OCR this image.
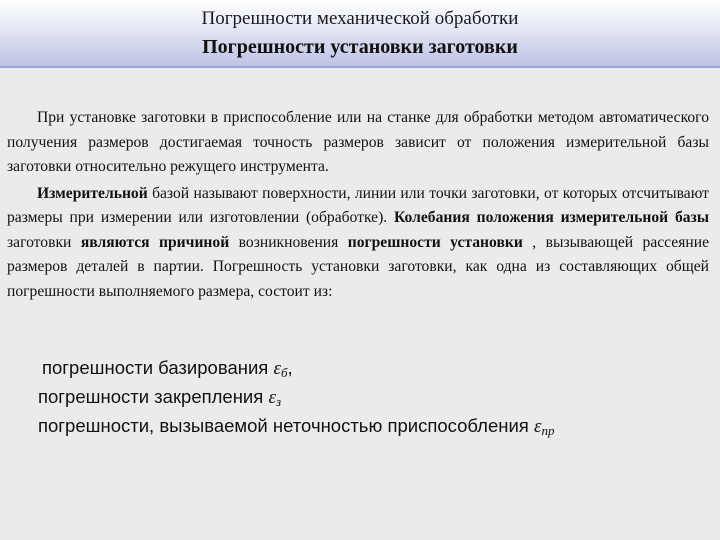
Погрешности механической обработки
Погрешности установки заготовки

При установке заготовки в приспособление или на станке для обработки методом автоматического получения размеров достигаемая точность размеров зависит от положения измерительной базы заготовки относительно режущего инструмента.

Измерительной базой называют поверхности, линии или точки заготовки, от которых отсчитывают размеры при измерении или изготовлении (обработке). Колебания положения измерительной базы заготовки являются причиной возникновения погрешности установки , вызывающей рассеяние размеров деталей в партии. Погрешность установки заготовки, как одна из составляющих общей погрешности выполняемого размера, состоит из:

погрешности базирования εб,
погрешности закрепления εз
погрешности, вызываемой неточностью приспособления εпр
